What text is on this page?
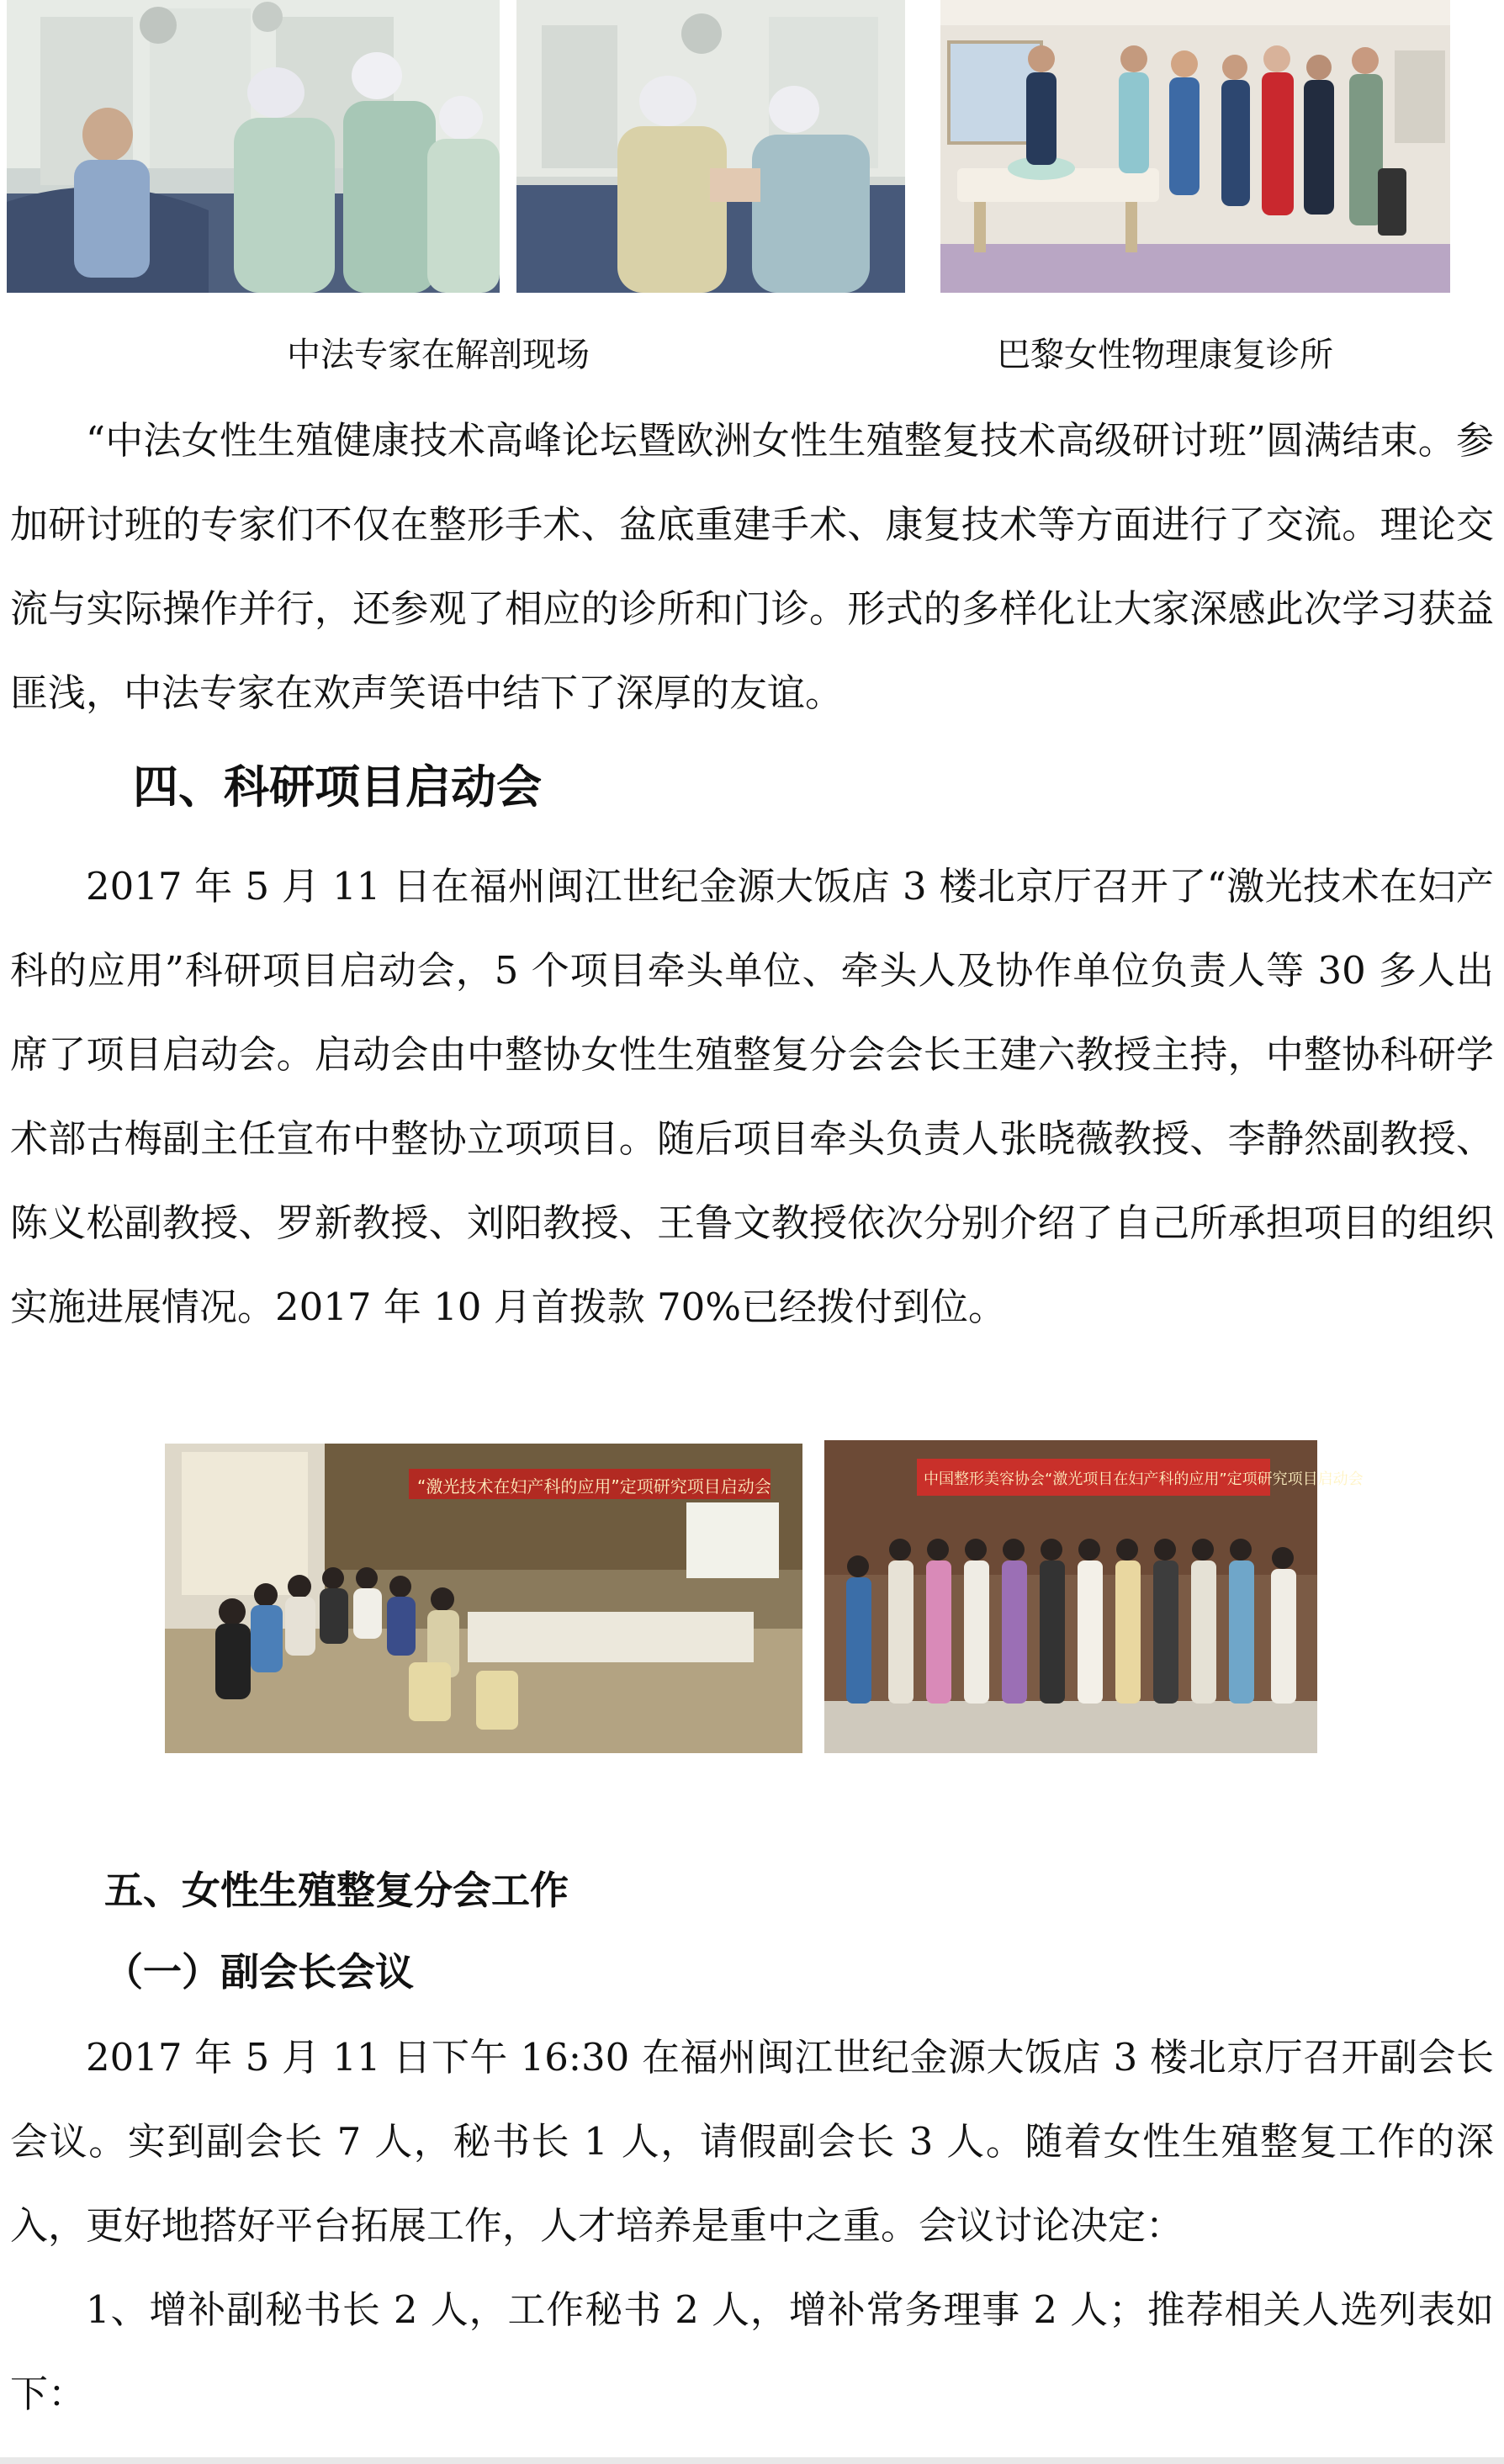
中法专家在解剖现场	巴黎女性物理康复诊所

“中法女性生殖健康技术高峰论坛暨欧洲女性生殖整复技术高级研讨班”圆满结束。参加研讨班的专家们不仅在整形手术、盆底重建手术、康复技术等方面进行了交流。理论交流与实际操作并行，还参观了相应的诊所和门诊。形式的多样化让大家深感此次学习获益匪浅，中法专家在欢声笑语中结下了深厚的友谊。

四、科研项目启动会

2017 年 5 月 11 日在福州闽江世纪金源大饭店 3 楼北京厅召开了“激光技术在妇产科的应用”科研项目启动会，5 个项目牵头单位、牵头人及协作单位负责人等 30 多人出席了项目启动会。启动会由中整协女性生殖整复分会会长王建六教授主持，中整协科研学术部古梅副主任宣布中整协立项项目。随后项目牵头负责人张晓薇教授、李静然副教授、陈义松副教授、罗新教授、刘阳教授、王鲁文教授依次分别介绍了自己所承担项目的组织实施进展情况。2017 年 10 月首拨款 70%已经拨付到位。

“激光技术在妇产科的应用”定项研究项目启动会	中国整形美容协会“激光项目在妇产科的应用”定项研究项目启动会
五、女性生殖整复分会工作
（一）副会长会议

2017 年 5 月 11 日下午 16:30 在福州闽江世纪金源大饭店 3 楼北京厅召开副会长会议。实到副会长 7 人，秘书长 1 人，请假副会长 3 人。随着女性生殖整复工作的深入，更好地搭好平台拓展工作，人才培养是重中之重。会议讨论决定：

1、增补副秘书长 2 人，工作秘书 2 人，增补常务理事 2 人；推荐相关人选列表如下：
